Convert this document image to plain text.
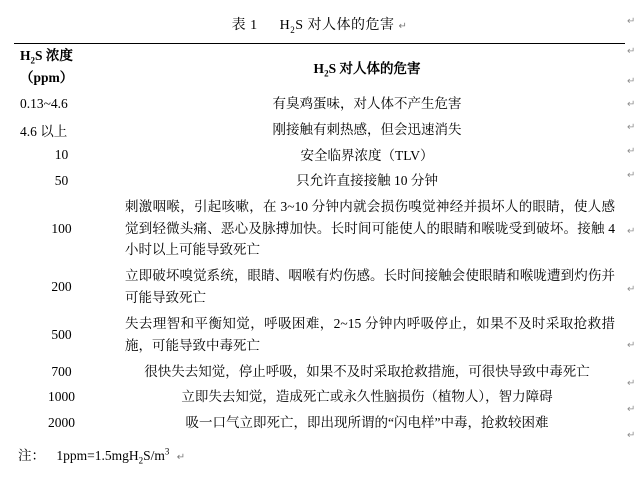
表 1 $H_2S$ 对人体的危害 ↵
$H_2S$ 浓度
（ppm）	$H_2S$ 对人体的危害
0.13~4.6	有臭鸡蛋味，对人体不产生危害
4.6 以上	刚接触有刺热感，但会迅速消失
10	安全临界浓度（TLV）
50	只允许直接接触 10 分钟
100	刺激咽喉，引起咳嗽，在 3~10 分钟内就会损伤嗅觉神经并损坏人的眼睛，使人感觉到轻微头痛、恶心及脉搏加快。长时间可能使人的眼睛和喉咙受到破坏。接触 4 小时以上可能导致死亡
200	立即破坏嗅觉系统，眼睛、咽喉有灼伤感。长时间接触会使眼睛和喉咙遭到灼伤并可能导致死亡
500	失去理智和平衡知觉，呼吸困难，2~15 分钟内呼吸停止，如果不及时采取抢救措施，可能导致中毒死亡
700	很快失去知觉，停止呼吸，如果不及时采取抢救措施，可很快导致中毒死亡
1000	立即失去知觉，造成死亡或永久性脑损伤（植物人），智力障碍
2000	吸一口气立即死亡，即出现所谓的“闪电样”中毒，抢救较困难
注： $1ppm=1.5mgH_2S/m^3$ ↵
↵
↵
↵
↵
↵
↵
↵
↵
↵
↵
↵
↵
↵
